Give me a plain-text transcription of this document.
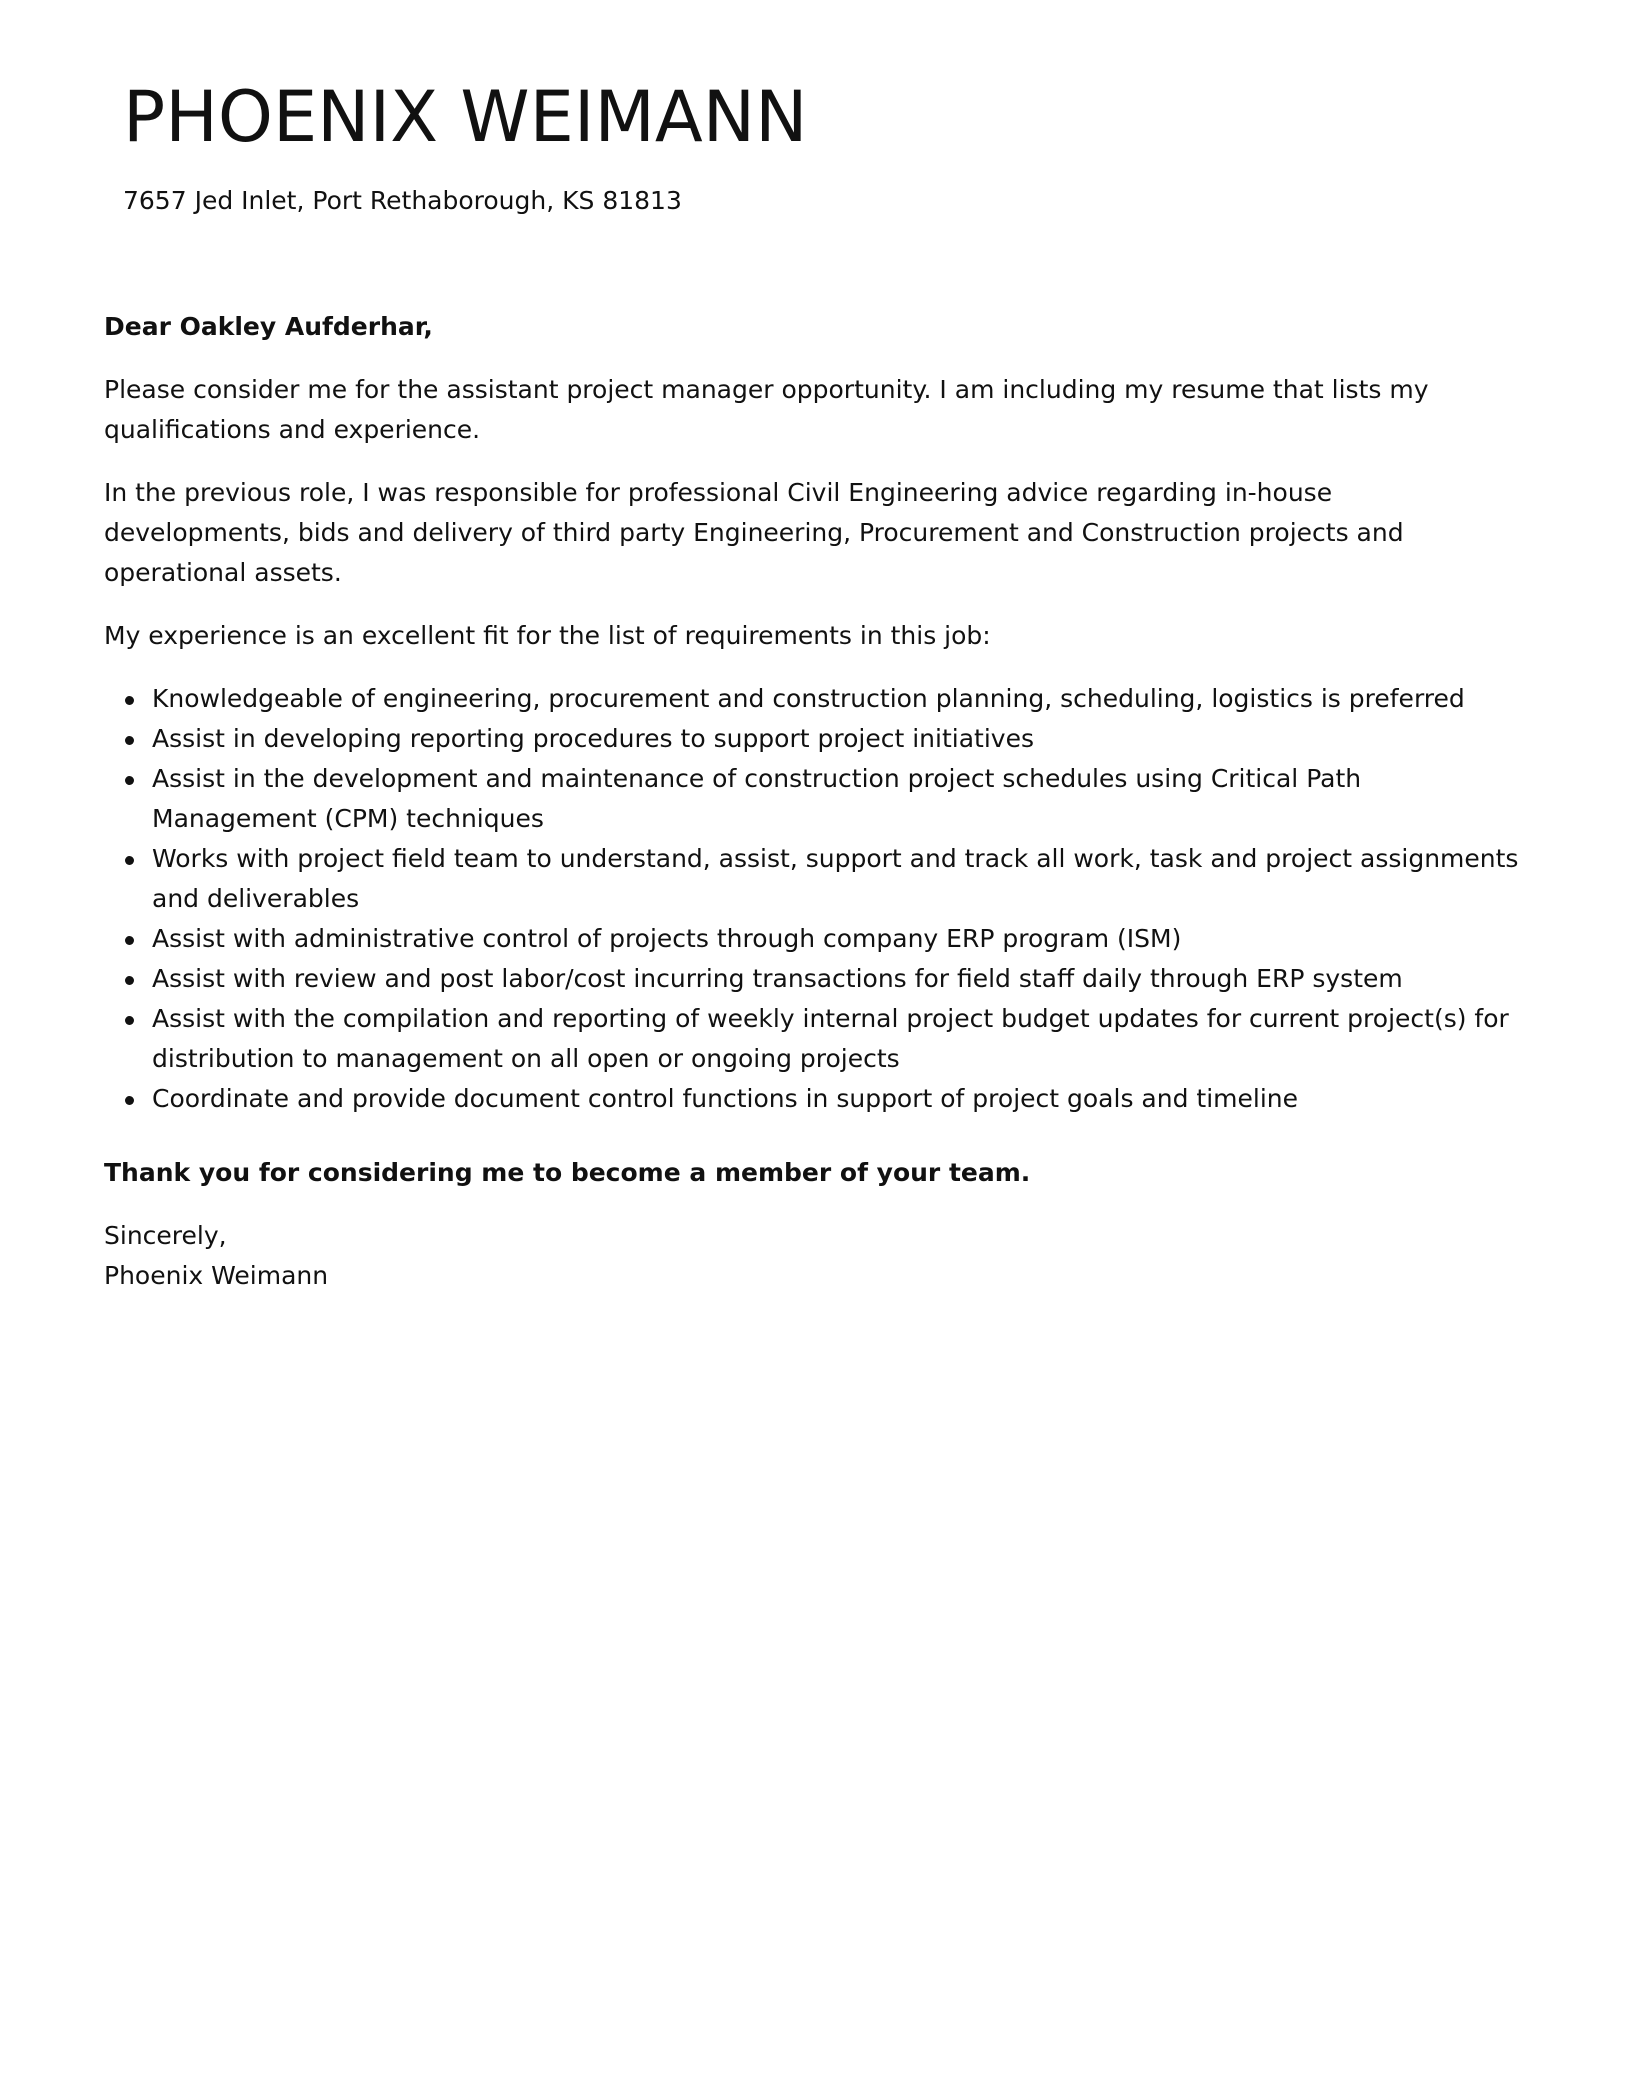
PHOENIX WEIMANN
7657 Jed Inlet, Port Rethaborough, KS 81813

Dear Oakley Aufderhar,

Please consider me for the assistant project manager opportunity. I am including my resume that lists my qualifications and experience.

In the previous role, I was responsible for professional Civil Engineering advice regarding in-house developments, bids and delivery of third party Engineering, Procurement and Construction projects and operational assets.

My experience is an excellent fit for the list of requirements in this job:

Knowledgeable of engineering, procurement and construction planning, scheduling, logistics is preferred
Assist in developing reporting procedures to support project initiatives
Assist in the development and maintenance of construction project schedules using Critical Path Management (CPM) techniques
Works with project field team to understand, assist, support and track all work, task and project assignments and deliverables
Assist with administrative control of projects through company ERP program (ISM)
Assist with review and post labor/cost incurring transactions for field staff daily through ERP system
Assist with the compilation and reporting of weekly internal project budget updates for current project(s) for distribution to management on all open or ongoing projects
Coordinate and provide document control functions in support of project goals and timeline

Thank you for considering me to become a member of your team.

Sincerely,
Phoenix Weimann
